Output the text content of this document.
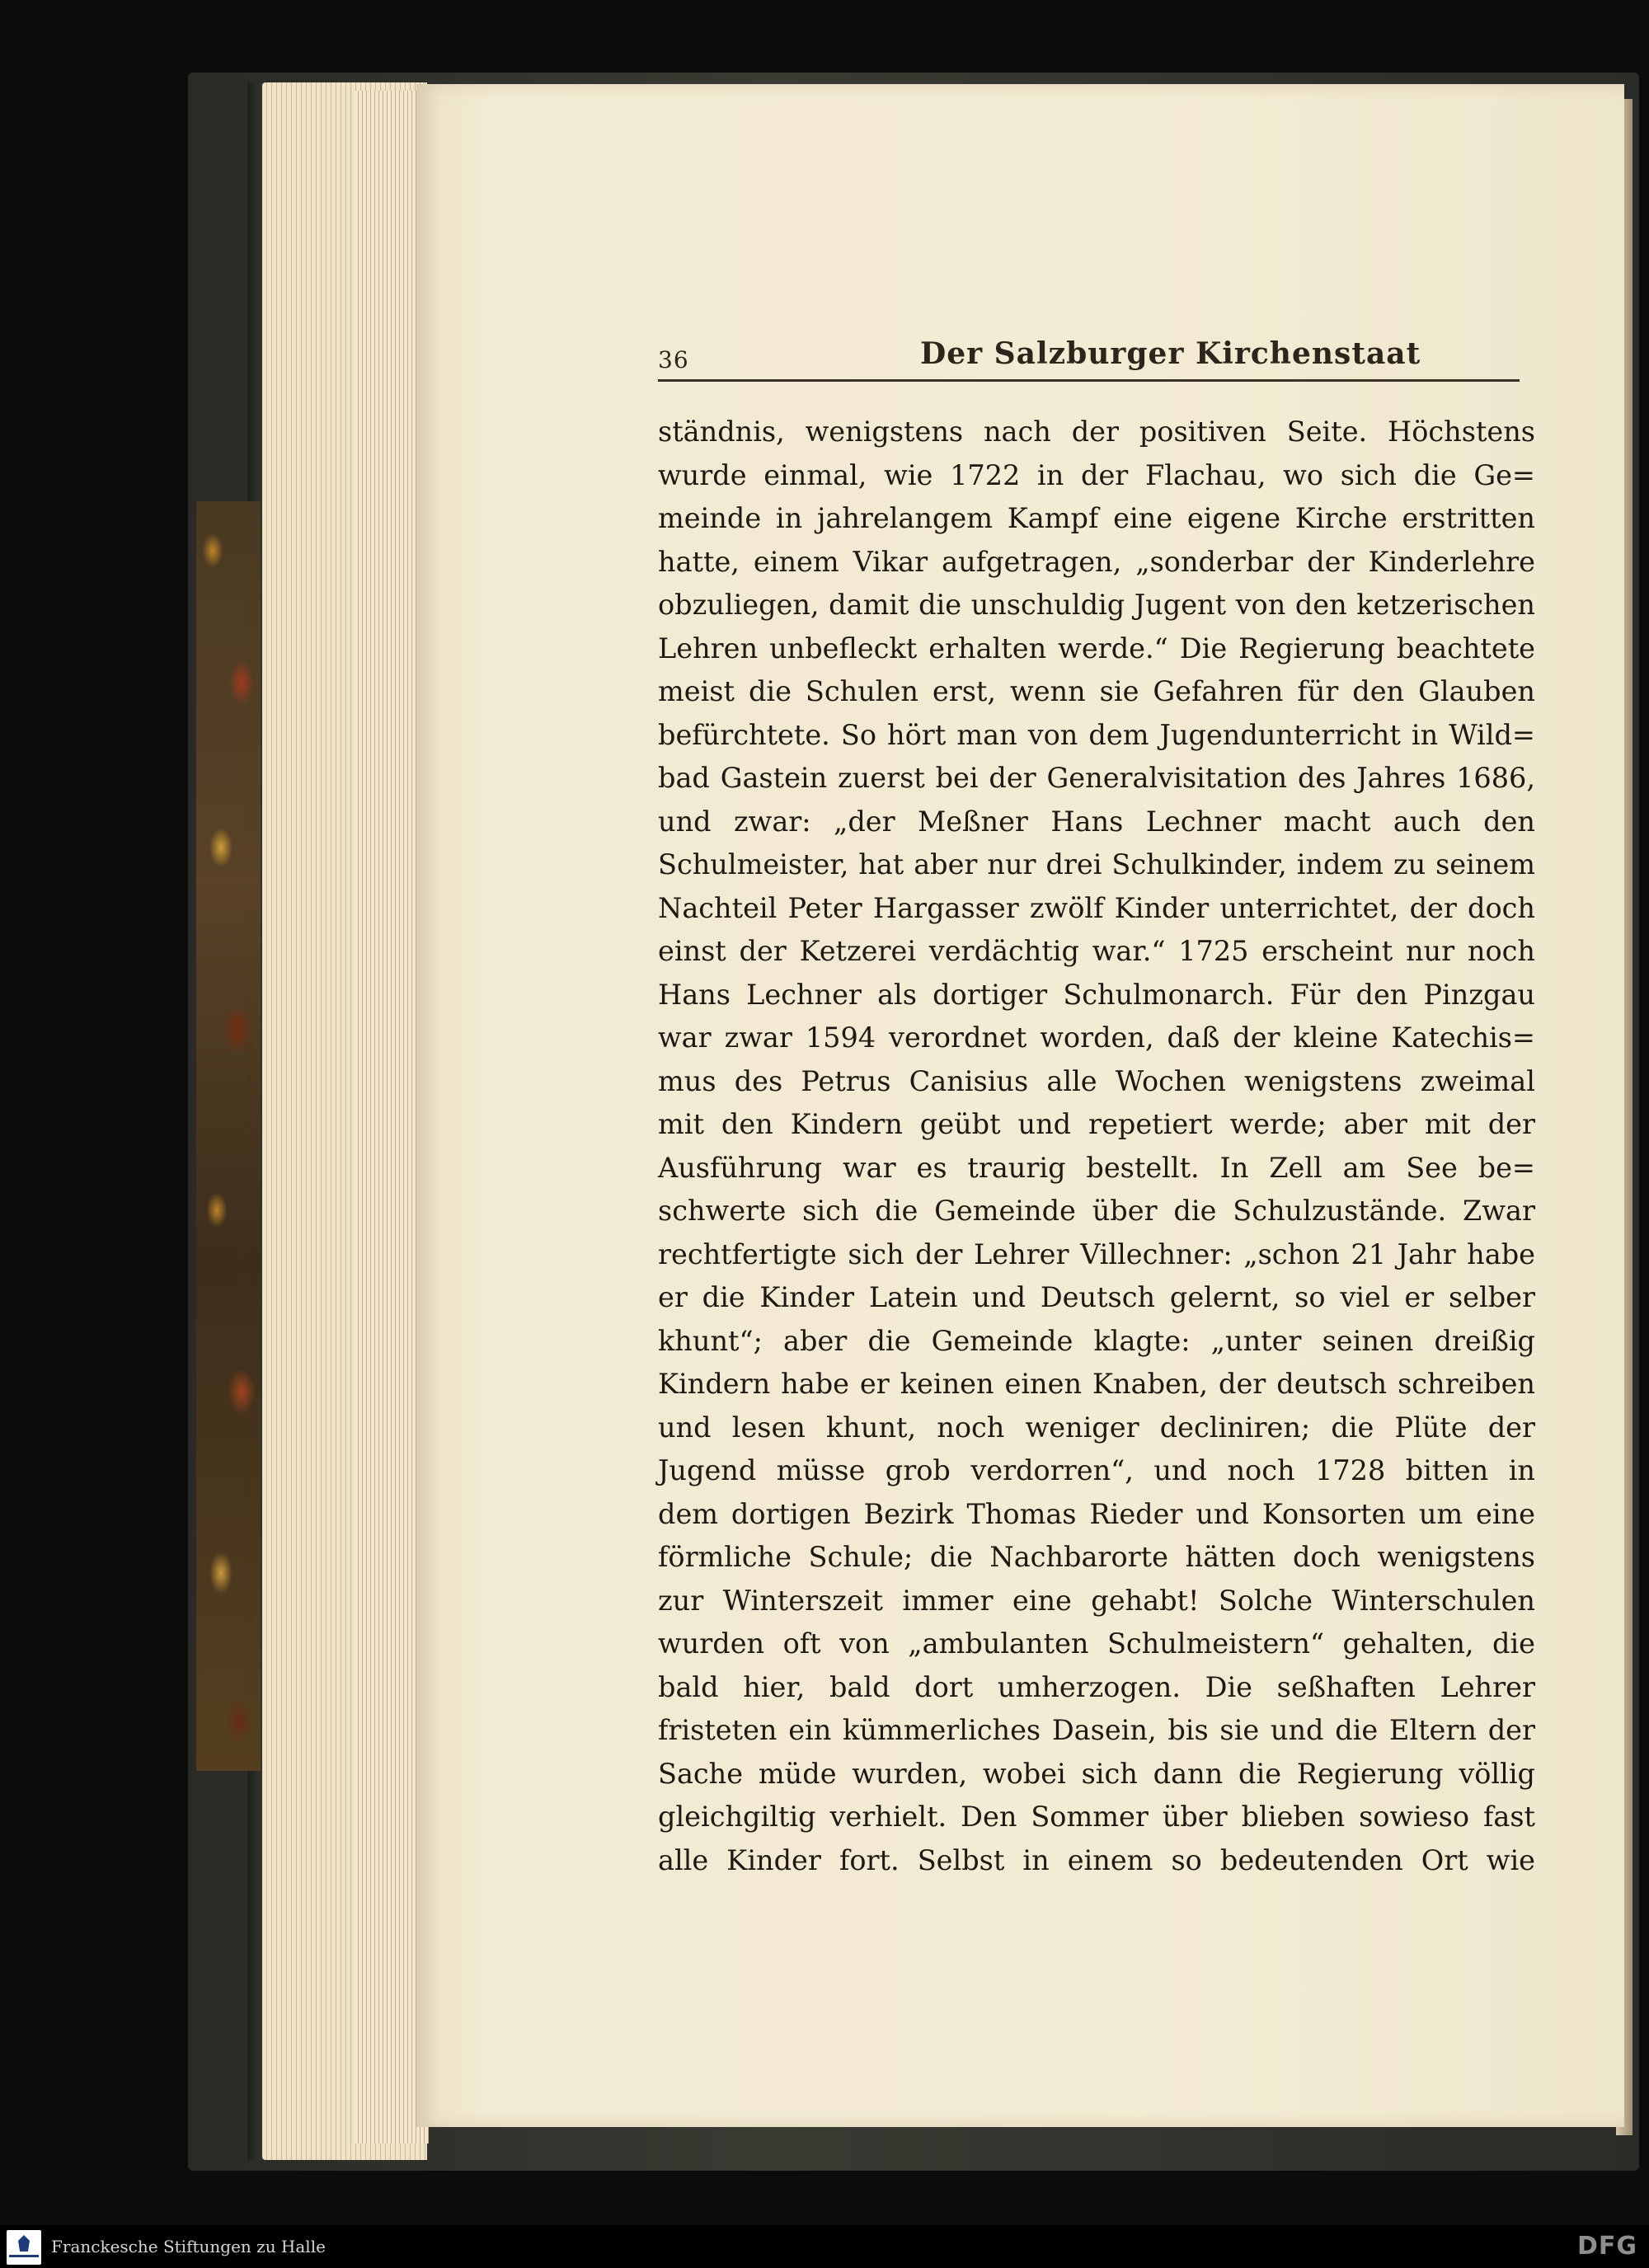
36	Der Salzburger Kirchenstaat
ständnis, wenigstens nach der positiven Seite. Höchstens
wurde einmal, wie 1722 in der Flachau, wo sich die Ge=
meinde in jahrelangem Kampf eine eigene Kirche erstritten
hatte, einem Vikar aufgetragen, „sonderbar der Kinderlehre
obzuliegen, damit die unschuldig Jugent von den ketzerischen
Lehren unbefleckt erhalten werde.“ Die Regierung beachtete
meist die Schulen erst, wenn sie Gefahren für den Glauben
befürchtete. So hört man von dem Jugendunterricht in Wild=
bad Gastein zuerst bei der Generalvisitation des Jahres 1686,
und zwar: „der Meßner Hans Lechner macht auch den
Schulmeister, hat aber nur drei Schulkinder, indem zu seinem
Nachteil Peter Hargasser zwölf Kinder unterrichtet, der doch
einst der Ketzerei verdächtig war.“ 1725 erscheint nur noch
Hans Lechner als dortiger Schulmonarch. Für den Pinzgau
war zwar 1594 verordnet worden, daß der kleine Katechis=
mus des Petrus Canisius alle Wochen wenigstens zweimal
mit den Kindern geübt und repetiert werde; aber mit der
Ausführung war es traurig bestellt. In Zell am See be=
schwerte sich die Gemeinde über die Schulzustände. Zwar
rechtfertigte sich der Lehrer Villechner: „schon 21 Jahr habe
er die Kinder Latein und Deutsch gelernt, so viel er selber
khunt“; aber die Gemeinde klagte: „unter seinen dreißig
Kindern habe er keinen einen Knaben, der deutsch schreiben
und lesen khunt, noch weniger decliniren; die Plüte der
Jugend müsse grob verdorren“, und noch 1728 bitten in
dem dortigen Bezirk Thomas Rieder und Konsorten um eine
förmliche Schule; die Nachbarorte hätten doch wenigstens
zur Winterszeit immer eine gehabt! Solche Winterschulen
wurden oft von „ambulanten Schulmeistern“ gehalten, die
bald hier, bald dort umherzogen. Die seßhaften Lehrer
fristeten ein kümmerliches Dasein, bis sie und die Eltern der
Sache müde wurden, wobei sich dann die Regierung völlig
gleichgiltig verhielt. Den Sommer über blieben sowieso fast
alle Kinder fort. Selbst in einem so bedeutenden Ort wie
Franckesche Stiftungen zu Halle	DFG
